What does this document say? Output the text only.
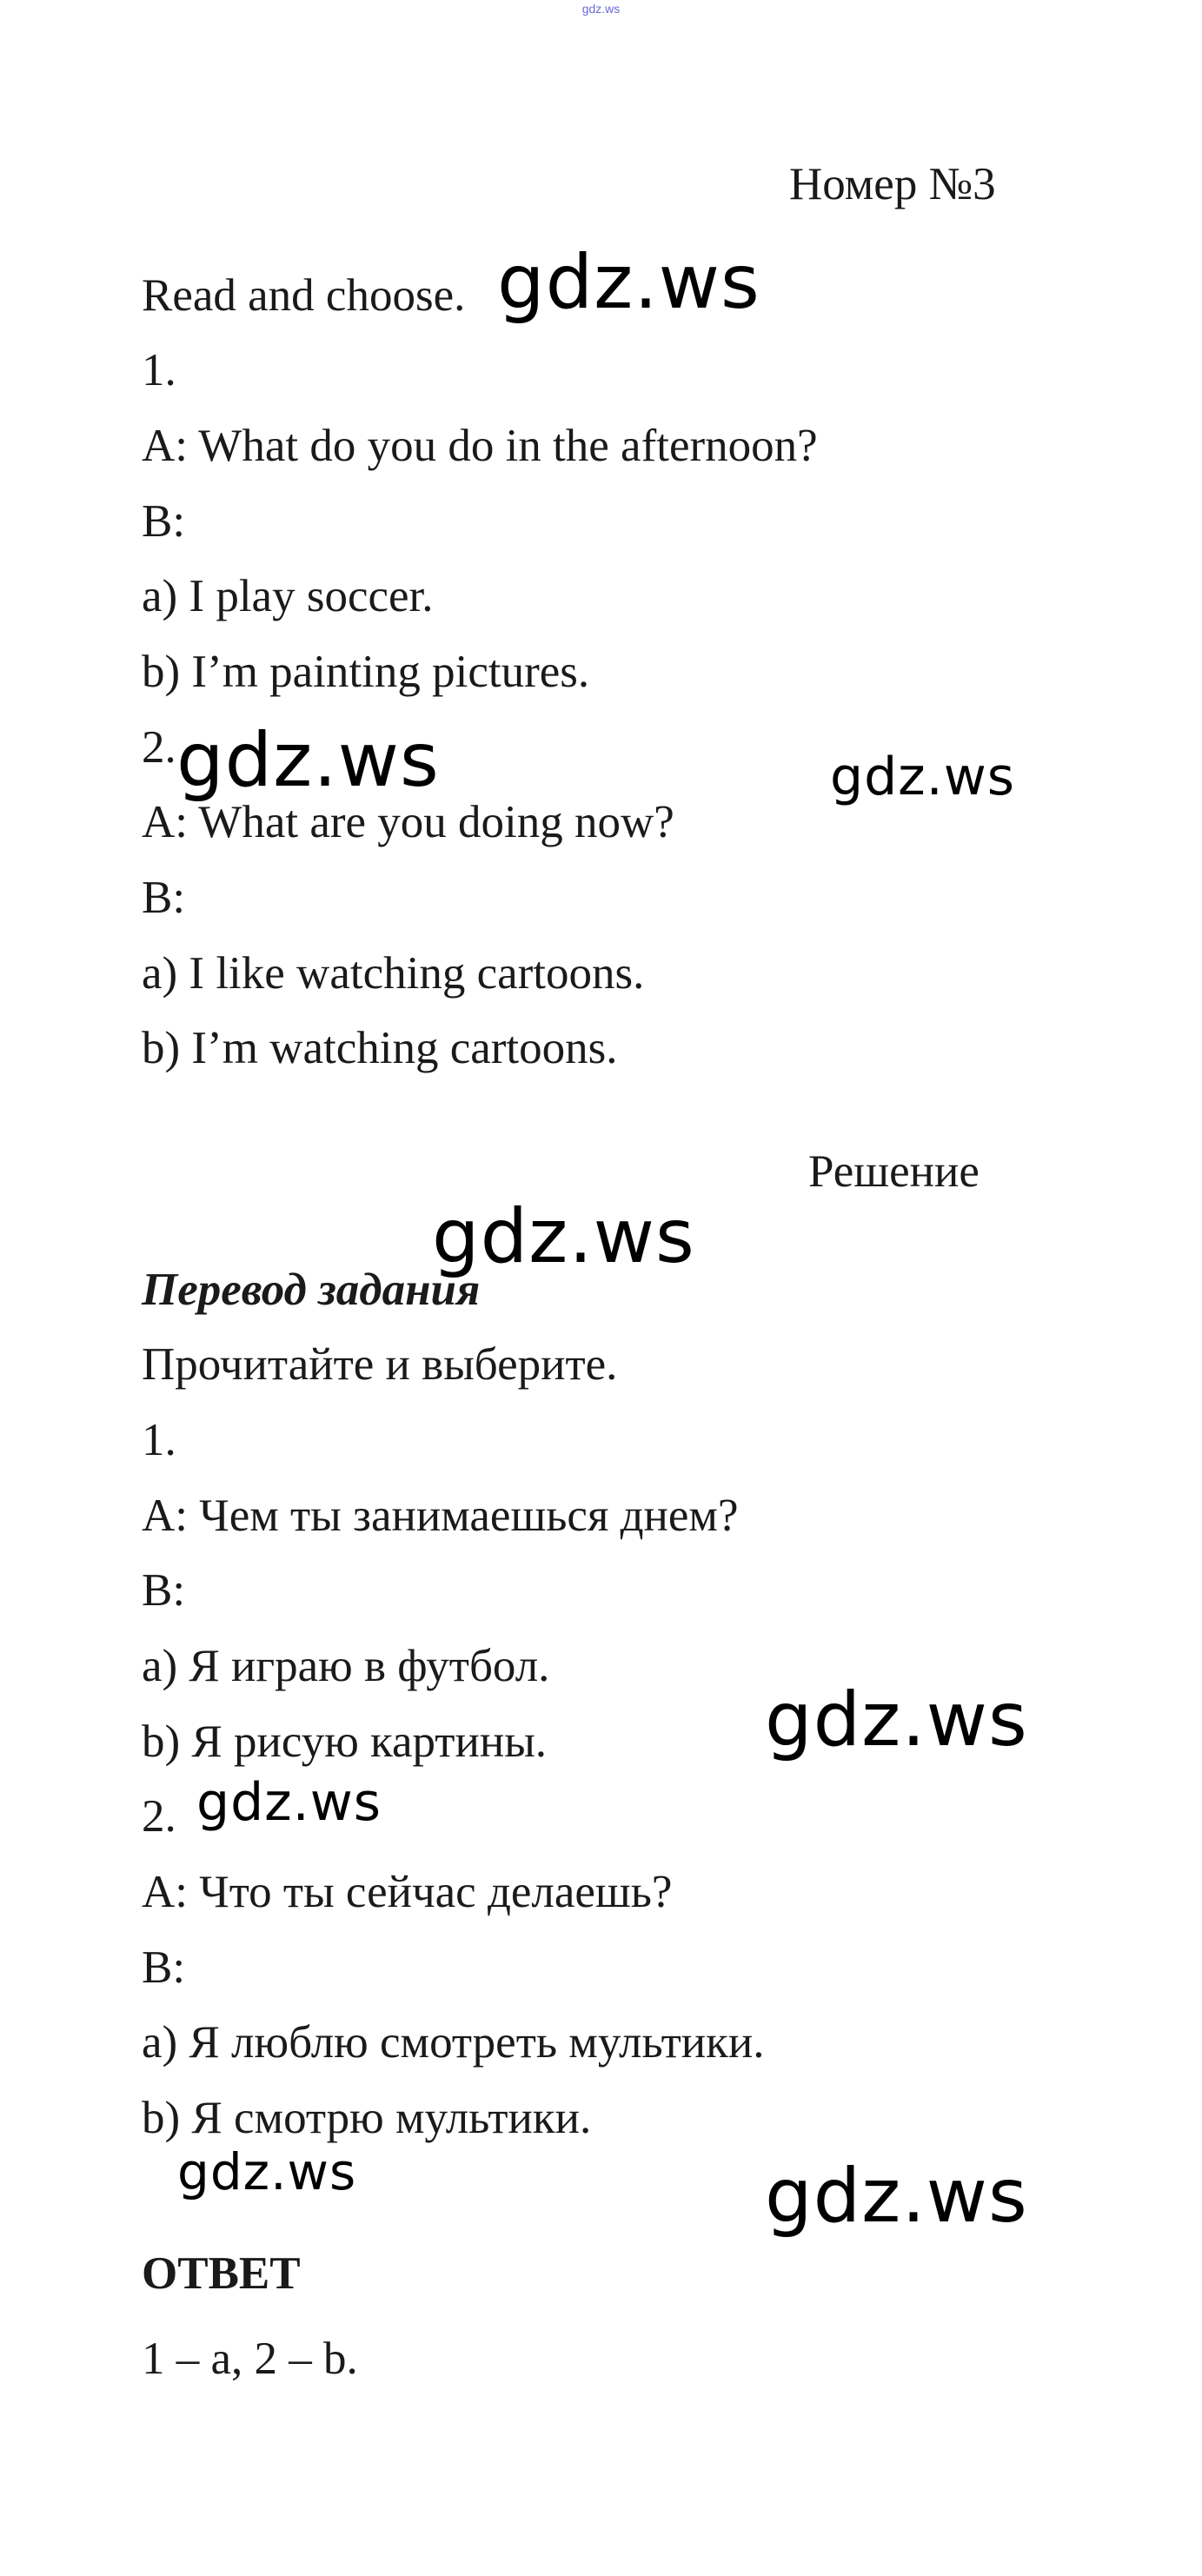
gdz.ws
Номер №3
Read and choose.
1.
A: What do you do in the afternoon?
B:
a) I play soccer.
b) I’m painting pictures.
2.
A: What are you doing now?
B:
a) I like watching cartoons.
b) I’m watching cartoons.
Решение
Перевод задания
Прочитайте и выберите.
1.
A: Чем ты занимаешься днем?
B:
a) Я играю в футбол.
b) Я рисую картины.
2.
A: Что ты сейчас делаешь?
B:
a) Я люблю смотреть мультики.
b) Я смотрю мультики.
ОТВЕТ
1 – a, 2 – b.
gdz.ws
gdz.ws	gdz.ws
gdz.ws
gdz.ws
gdz.ws
gdz.ws	gdz.ws
